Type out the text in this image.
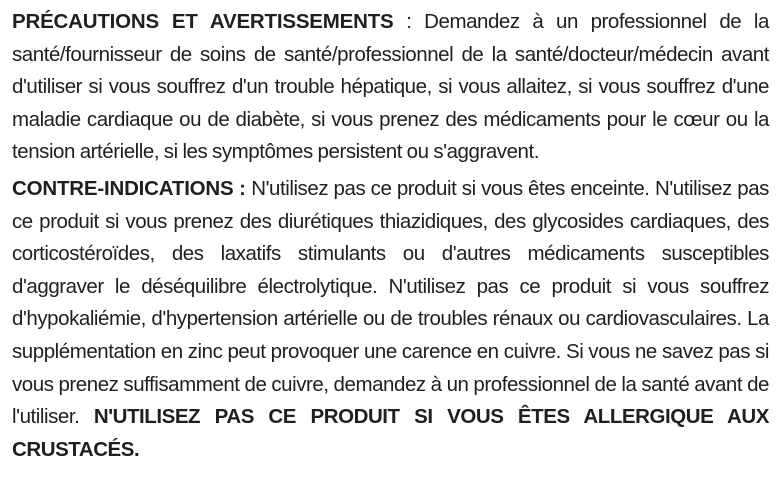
PRÉCAUTIONS ET AVERTISSEMENTS : Demandez à un professionnel de la santé/fournisseur de soins de santé/professionnel de la santé/docteur/médecin avant d'utiliser si vous souffrez d'un trouble hépatique, si vous allaitez, si vous souffrez d'une maladie cardiaque ou de diabète, si vous prenez des médicaments pour le cœur ou la tension artérielle, si les symptômes persistent ou s'aggravent.

CONTRE-INDICATIONS : N'utilisez pas ce produit si vous êtes enceinte. N'utilisez pas ce produit si vous prenez des diurétiques thiazidiques, des glycosides cardiaques, des corticostéroïdes, des laxatifs stimulants ou d'autres médicaments susceptibles d'aggraver le déséquilibre électrolytique. N'utilisez pas ce produit si vous souffrez d'hypokaliémie, d'hypertension artérielle ou de troubles rénaux ou cardiovasculaires. La supplémentation en zinc peut provoquer une carence en cuivre. Si vous ne savez pas si vous prenez suffisamment de cuivre, demandez à un professionnel de la santé avant de l'utiliser. N'UTILISEZ PAS CE PRODUIT SI VOUS ÊTES ALLERGIQUE AUX CRUSTACÉS.
